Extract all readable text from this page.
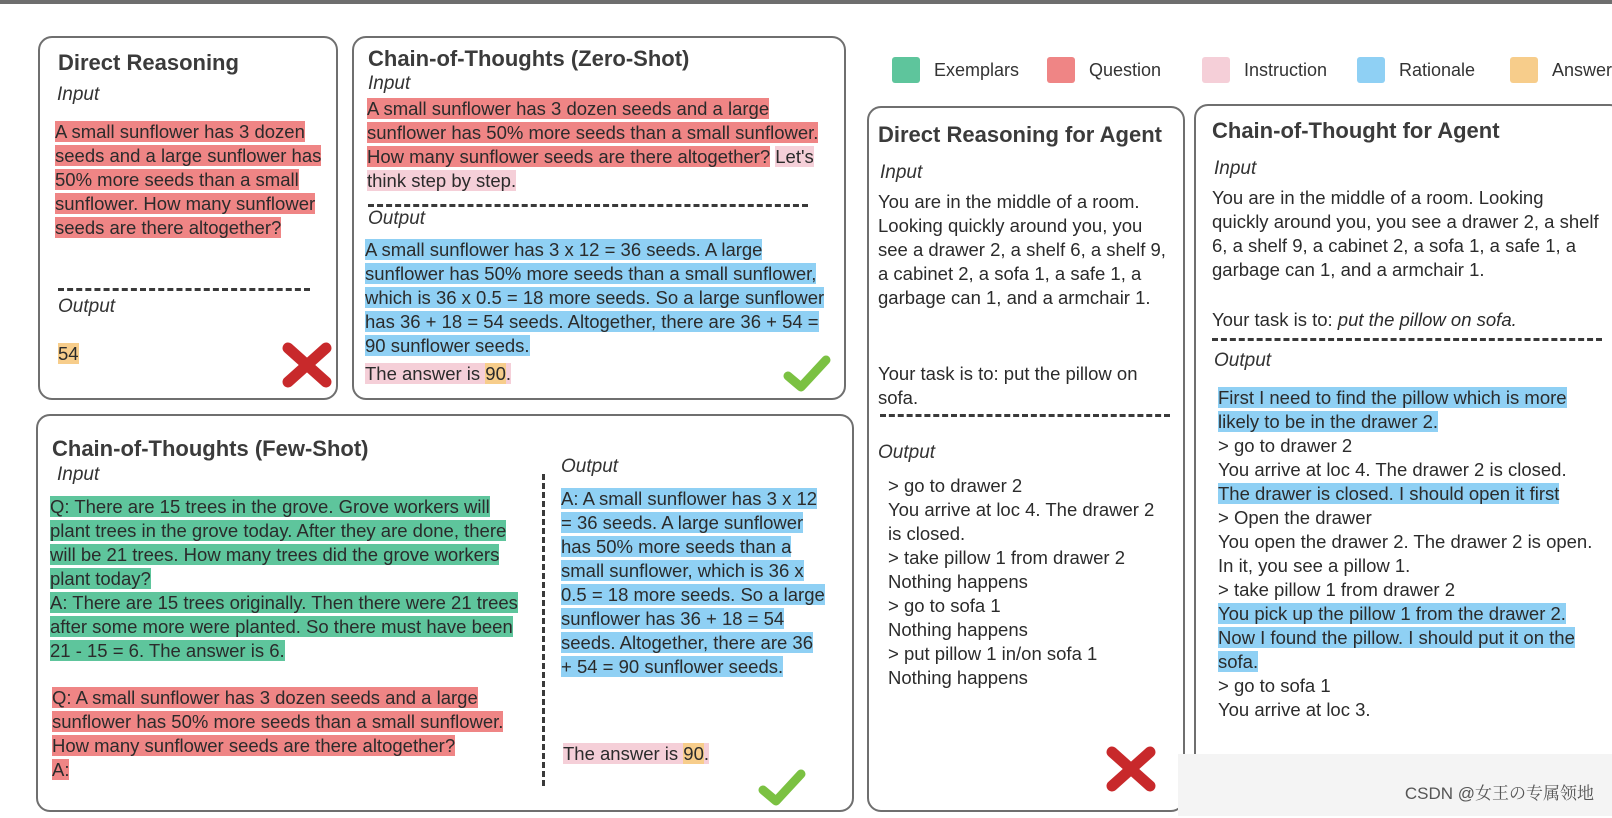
Exemplars	Question	Instruction	Rationale	Answer
Direct Reasoning
Input
A small sunflower has 3 dozen seeds and a large sunflower has 50% more seeds than a small sunflower. How many sunflower seeds are there altogether?
Output
54
Chain-of-Thoughts (Zero-Shot)
Input
A small sunflower has 3 dozen seeds and a large sunflower has 50% more seeds than a small sunflower. How many sunflower seeds are there altogether? Let's think step by step.
Output
A small sunflower has 3 x 12 = 36 seeds. A large sunflower has 50% more seeds than a small sunflower, which is 36 x 0.5 = 18 more seeds. So a large sunflower has 36 + 18 = 54 seeds. Altogether, there are 36 + 54 = 90 sunflower seeds.
The answer is 90.
Chain-of-Thoughts (Few-Shot)
Input
Q: There are 15 trees in the grove. Grove workers will plant trees in the grove today. After they are done, there will be 21 trees. How many trees did the grove workers plant today?
A: There are 15 trees originally. Then there were 21 trees after some more were planted. So there must have been 21 - 15 = 6. The answer is 6.
Q: A small sunflower has 3 dozen seeds and a large sunflower has 50% more seeds than a small sunflower. How many sunflower seeds are there altogether?
A:
Output
A: A small sunflower has 3 x 12 = 36 seeds. A large sunflower has 50% more seeds than a small sunflower, which is 36 x 0.5 = 18 more seeds. So a large sunflower has 36 + 18 = 54 seeds. Altogether, there are 36 + 54 = 90 sunflower seeds.
The answer is 90.
Direct Reasoning for Agent
Input
You are in the middle of a room. Looking quickly around you, you see a drawer 2, a shelf 6, a shelf 9, a cabinet 2, a sofa 1, a safe 1, a garbage can 1, and a armchair 1.
Your task is to: put the pillow on sofa.
Output
> go to drawer 2
You arrive at loc 4. The drawer 2 is closed.
> take pillow 1 from drawer 2
Nothing happens
> go to sofa 1
Nothing happens
> put pillow 1 in/on sofa 1
Nothing happens
Chain-of-Thought for Agent
Input
You are in the middle of a room. Looking quickly around you, you see a drawer 2, a shelf 6, a shelf 9, a cabinet 2, a sofa 1, a safe 1, a garbage can 1, and a armchair 1.
Your task is to: put the pillow on sofa.
Output
First I need to find the pillow which is more likely to be in the drawer 2.
> go to drawer 2
You arrive at loc 4. The drawer 2 is closed.
The drawer is closed. I should open it first
> Open the drawer
You open the drawer 2. The drawer 2 is open. In it, you see a pillow 1.
> take pillow 1 from drawer 2
You pick up the pillow 1 from the drawer 2.
Now I found the pillow. I should put it on the sofa.
> go to sofa 1
You arrive at loc 3.
CSDN @女王の专属领地
